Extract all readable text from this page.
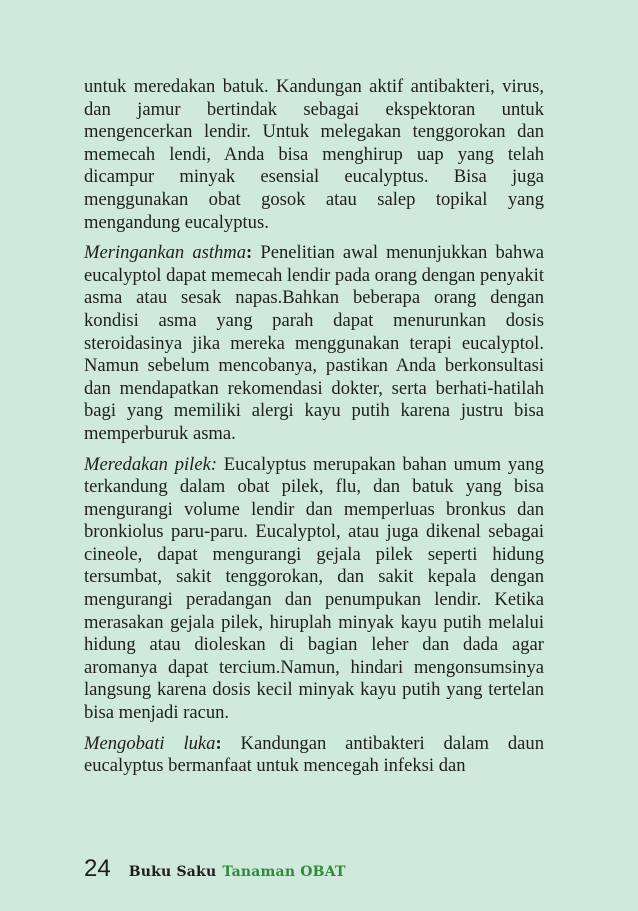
untuk meredakan batuk. Kandungan aktif antibakteri, virus, dan jamur bertindak sebagai ekspektoran untuk mengencerkan lendir. Untuk melegakan tenggorokan dan memecah lendi, Anda bisa menghirup uap yang telah dicampur minyak esensial eucalyptus. Bisa juga menggunakan obat gosok atau salep topikal yang mengandung eucalyptus.

Meringankan asthma: Penelitian awal menunjukkan bahwa eucalyptol dapat memecah lendir pada orang dengan penyakit asma atau sesak napas.Bahkan beberapa orang dengan kondisi asma yang parah dapat menurunkan dosis steroidasinya jika mereka menggunakan terapi eucalyptol. Namun sebelum mencobanya, pastikan Anda berkonsultasi dan mendapatkan rekomendasi dokter, serta berhati-hatilah bagi yang memiliki alergi kayu putih karena justru bisa memperburuk asma.

Meredakan pilek: Eucalyptus merupakan bahan umum yang terkandung dalam obat pilek, flu, dan batuk yang bisa mengurangi volume lendir dan memperluas bronkus dan bronkiolus paru-paru. Eucalyptol, atau juga dikenal sebagai cineole, dapat mengurangi gejala pilek seperti hidung tersumbat, sakit tenggorokan, dan sakit kepala dengan mengurangi peradangan dan penumpukan lendir. Ketika merasakan gejala pilek, hiruplah minyak kayu putih melalui hidung atau dioleskan di bagian leher dan dada agar aromanya dapat tercium.Namun, hindari mengonsumsinya langsung karena dosis kecil minyak kayu putih yang tertelan bisa menjadi racun.

Mengobati luka: Kandungan antibakteri dalam daun eucalyptus bermanfaat untuk mencegah infeksi dan

24 Buku Saku Tanaman OBAT
